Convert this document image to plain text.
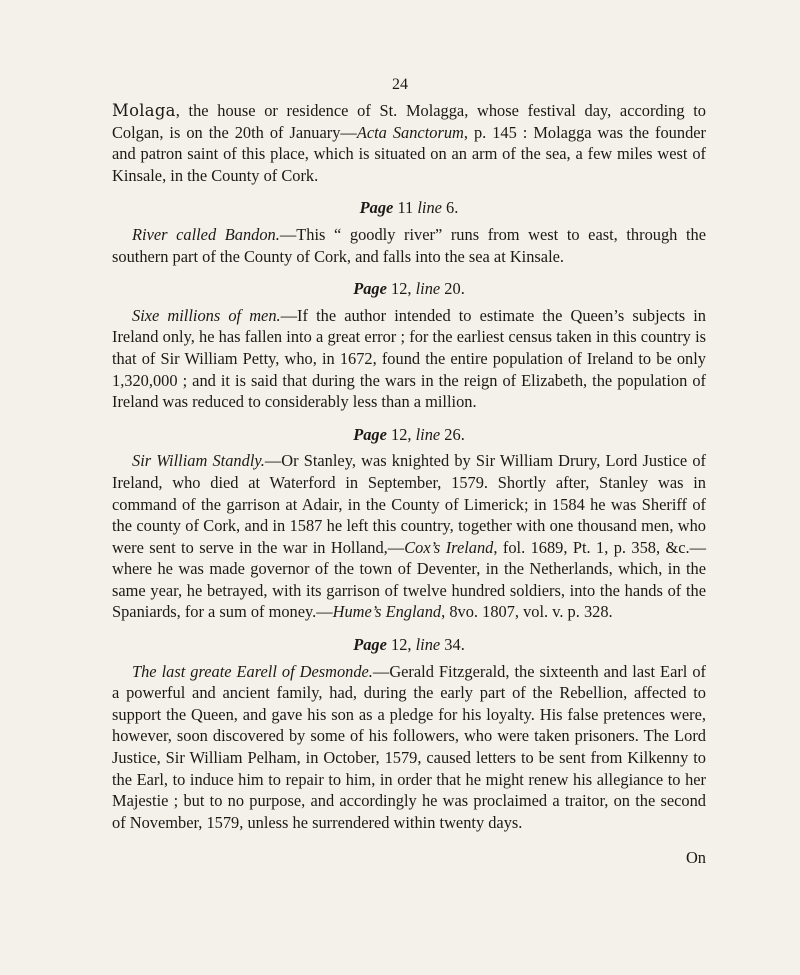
24

Molaga, the house or residence of St. Molagga, whose festival day, according to Colgan, is on the 20th of January—Acta Sanctorum, p. 145 : Molagga was the founder and patron saint of this place, which is situated on an arm of the sea, a few miles west of Kinsale, in the County of Cork.

Page 11 line 6.

River called Bandon.—This “ goodly river” runs from west to east, through the southern part of the County of Cork, and falls into the sea at Kinsale.

Page 12, line 20.

Sixe millions of men.—If the author intended to estimate the Queen’s subjects in Ireland only, he has fallen into a great error ; for the earliest census taken in this country is that of Sir William Petty, who, in 1672, found the entire population of Ireland to be only 1,320,000 ; and it is said that during the wars in the reign of Elizabeth, the population of Ireland was reduced to considerably less than a million.

Page 12, line 26.

Sir William Standly.—Or Stanley, was knighted by Sir William Drury, Lord Justice of Ireland, who died at Waterford in September, 1579. Shortly after, Stanley was in command of the garrison at Adair, in the County of Limerick; in 1584 he was Sheriff of the county of Cork, and in 1587 he left this country, together with one thousand men, who were sent to serve in the war in Holland,—Cox’s Ireland, fol. 1689, Pt. 1, p. 358, &c.—where he was made governor of the town of Deventer, in the Netherlands, which, in the same year, he betrayed, with its garrison of twelve hundred soldiers, into the hands of the Spaniards, for a sum of money.—Hume’s England, 8vo. 1807, vol. v. p. 328.

Page 12, line 34.

The last greate Earell of Desmonde.—Gerald Fitzgerald, the sixteenth and last Earl of a powerful and ancient family, had, during the early part of the Rebellion, affected to support the Queen, and gave his son as a pledge for his loyalty. His false pretences were, however, soon discovered by some of his followers, who were taken prisoners. The Lord Justice, Sir William Pelham, in October, 1579, caused letters to be sent from Kilkenny to the Earl, to induce him to repair to him, in order that he might renew his allegiance to her Majestie ; but to no purpose, and accordingly he was proclaimed a traitor, on the second of November, 1579, unless he surrendered within twenty days.

On
